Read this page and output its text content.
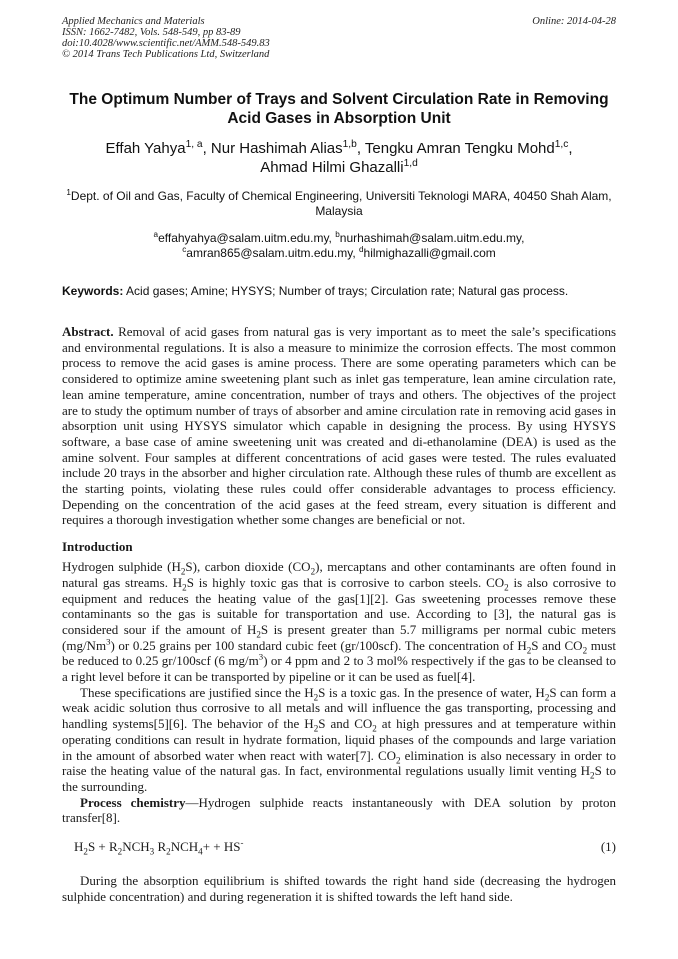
Applied Mechanics and Materials
ISSN: 1662-7482, Vols. 548-549, pp 83-89
doi:10.4028/www.scientific.net/AMM.548-549.83
© 2014 Trans Tech Publications Ltd, Switzerland
Online: 2014-04-28
The Optimum Number of Trays and Solvent Circulation Rate in Removing Acid Gases in Absorption Unit
Effah Yahya$^{1, a}$, Nur Hashimah Alias$^{1,b}$, Tengku Amran Tengku Mohd$^{1,c}$,
Ahmad Hilmi Ghazalli$^{1,d}$
$^1$Dept. of Oil and Gas, Faculty of Chemical Engineering, Universiti Teknologi MARA, 40450 Shah Alam, Malaysia
$^a$effahyahya@salam.uitm.edu.my, $^b$nurhashimah@salam.uitm.edu.my,
$^c$amran865@salam.uitm.edu.my, $^d$hilmighazalli@gmail.com
Keywords: Acid gases; Amine; HYSYS; Number of trays; Circulation rate; Natural gas process.
Abstract. Removal of acid gases from natural gas is very important as to meet the sale’s specifications and environmental regulations. It is also a measure to minimize the corrosion effects. The most common process to remove the acid gases is amine process. There are some operating parameters which can be considered to optimize amine sweetening plant such as inlet gas temperature, lean amine circulation rate, lean amine temperature, amine concentration, number of trays and others. The objectives of the project are to study the optimum number of trays of absorber and amine circulation rate in removing acid gases in absorption unit using HYSYS simulator which capable in designing the process. By using HYSYS software, a base case of amine sweetening unit was created and di-ethanolamine (DEA) is used as the amine solvent. Four samples at different concentrations of acid gases were tested. The rules evaluated include 20 trays in the absorber and higher circulation rate. Although these rules of thumb are excellent as the starting points, violating these rules could offer considerable advantages to process efficiency. Depending on the concentration of the acid gases at the feed stream, every situation is different and requires a thorough investigation whether some changes are beneficial or not.
Introduction

Hydrogen sulphide $(H_2S)$, carbon dioxide $(CO_2)$, mercaptans and other contaminants are often found in natural gas streams. $H_2S$ is highly toxic gas that is corrosive to carbon steels. $CO_2$ is also corrosive to equipment and reduces the heating value of the gas[1][2]. Gas sweetening processes remove these contaminants so the gas is suitable for transportation and use. According to [3], the natural gas is considered sour if the amount of $H_2S$ is present greater than 5.7 milligrams per normal cubic meters (mg/Nm$^3$) or 0.25 grains per 100 standard cubic feet (gr/100scf). The concentration of $H_2S$ and $CO_2$ must be reduced to 0.25 gr/100scf (6 $mg/m^3$) or 4 ppm and 2 to 3 mol% respectively if the gas to be cleansed to a right level before it can be transported by pipeline or it can be used as fuel[4].

These specifications are justified since the $H_2S$ is a toxic gas. In the presence of water, $H_2S$ can form a weak acidic solution thus corrosive to all metals and will influence the gas transporting, processing and handling systems[5][6]. The behavior of the $H_2S$ and $CO_2$ at high pressures and at temperature within operating conditions can result in hydrate formation, liquid phases of the compounds and large variation in the amount of absorbed water when react with water[7]. $CO_2$ elimination is also necessary in order to raise the heating value of the natural gas. In fact, environmental regulations usually limit venting $H_2S$ to the surrounding.

Process chemistry—Hydrogen sulphide reacts instantaneously with DEA solution by proton transfer[8].

$H_2S + R_2NCH_3$ $R_2NCH_4+ + HS^-$	(1)

During the absorption equilibrium is shifted towards the right hand side (decreasing the hydrogen sulphide concentration) and during regeneration it is shifted towards the left hand side.
